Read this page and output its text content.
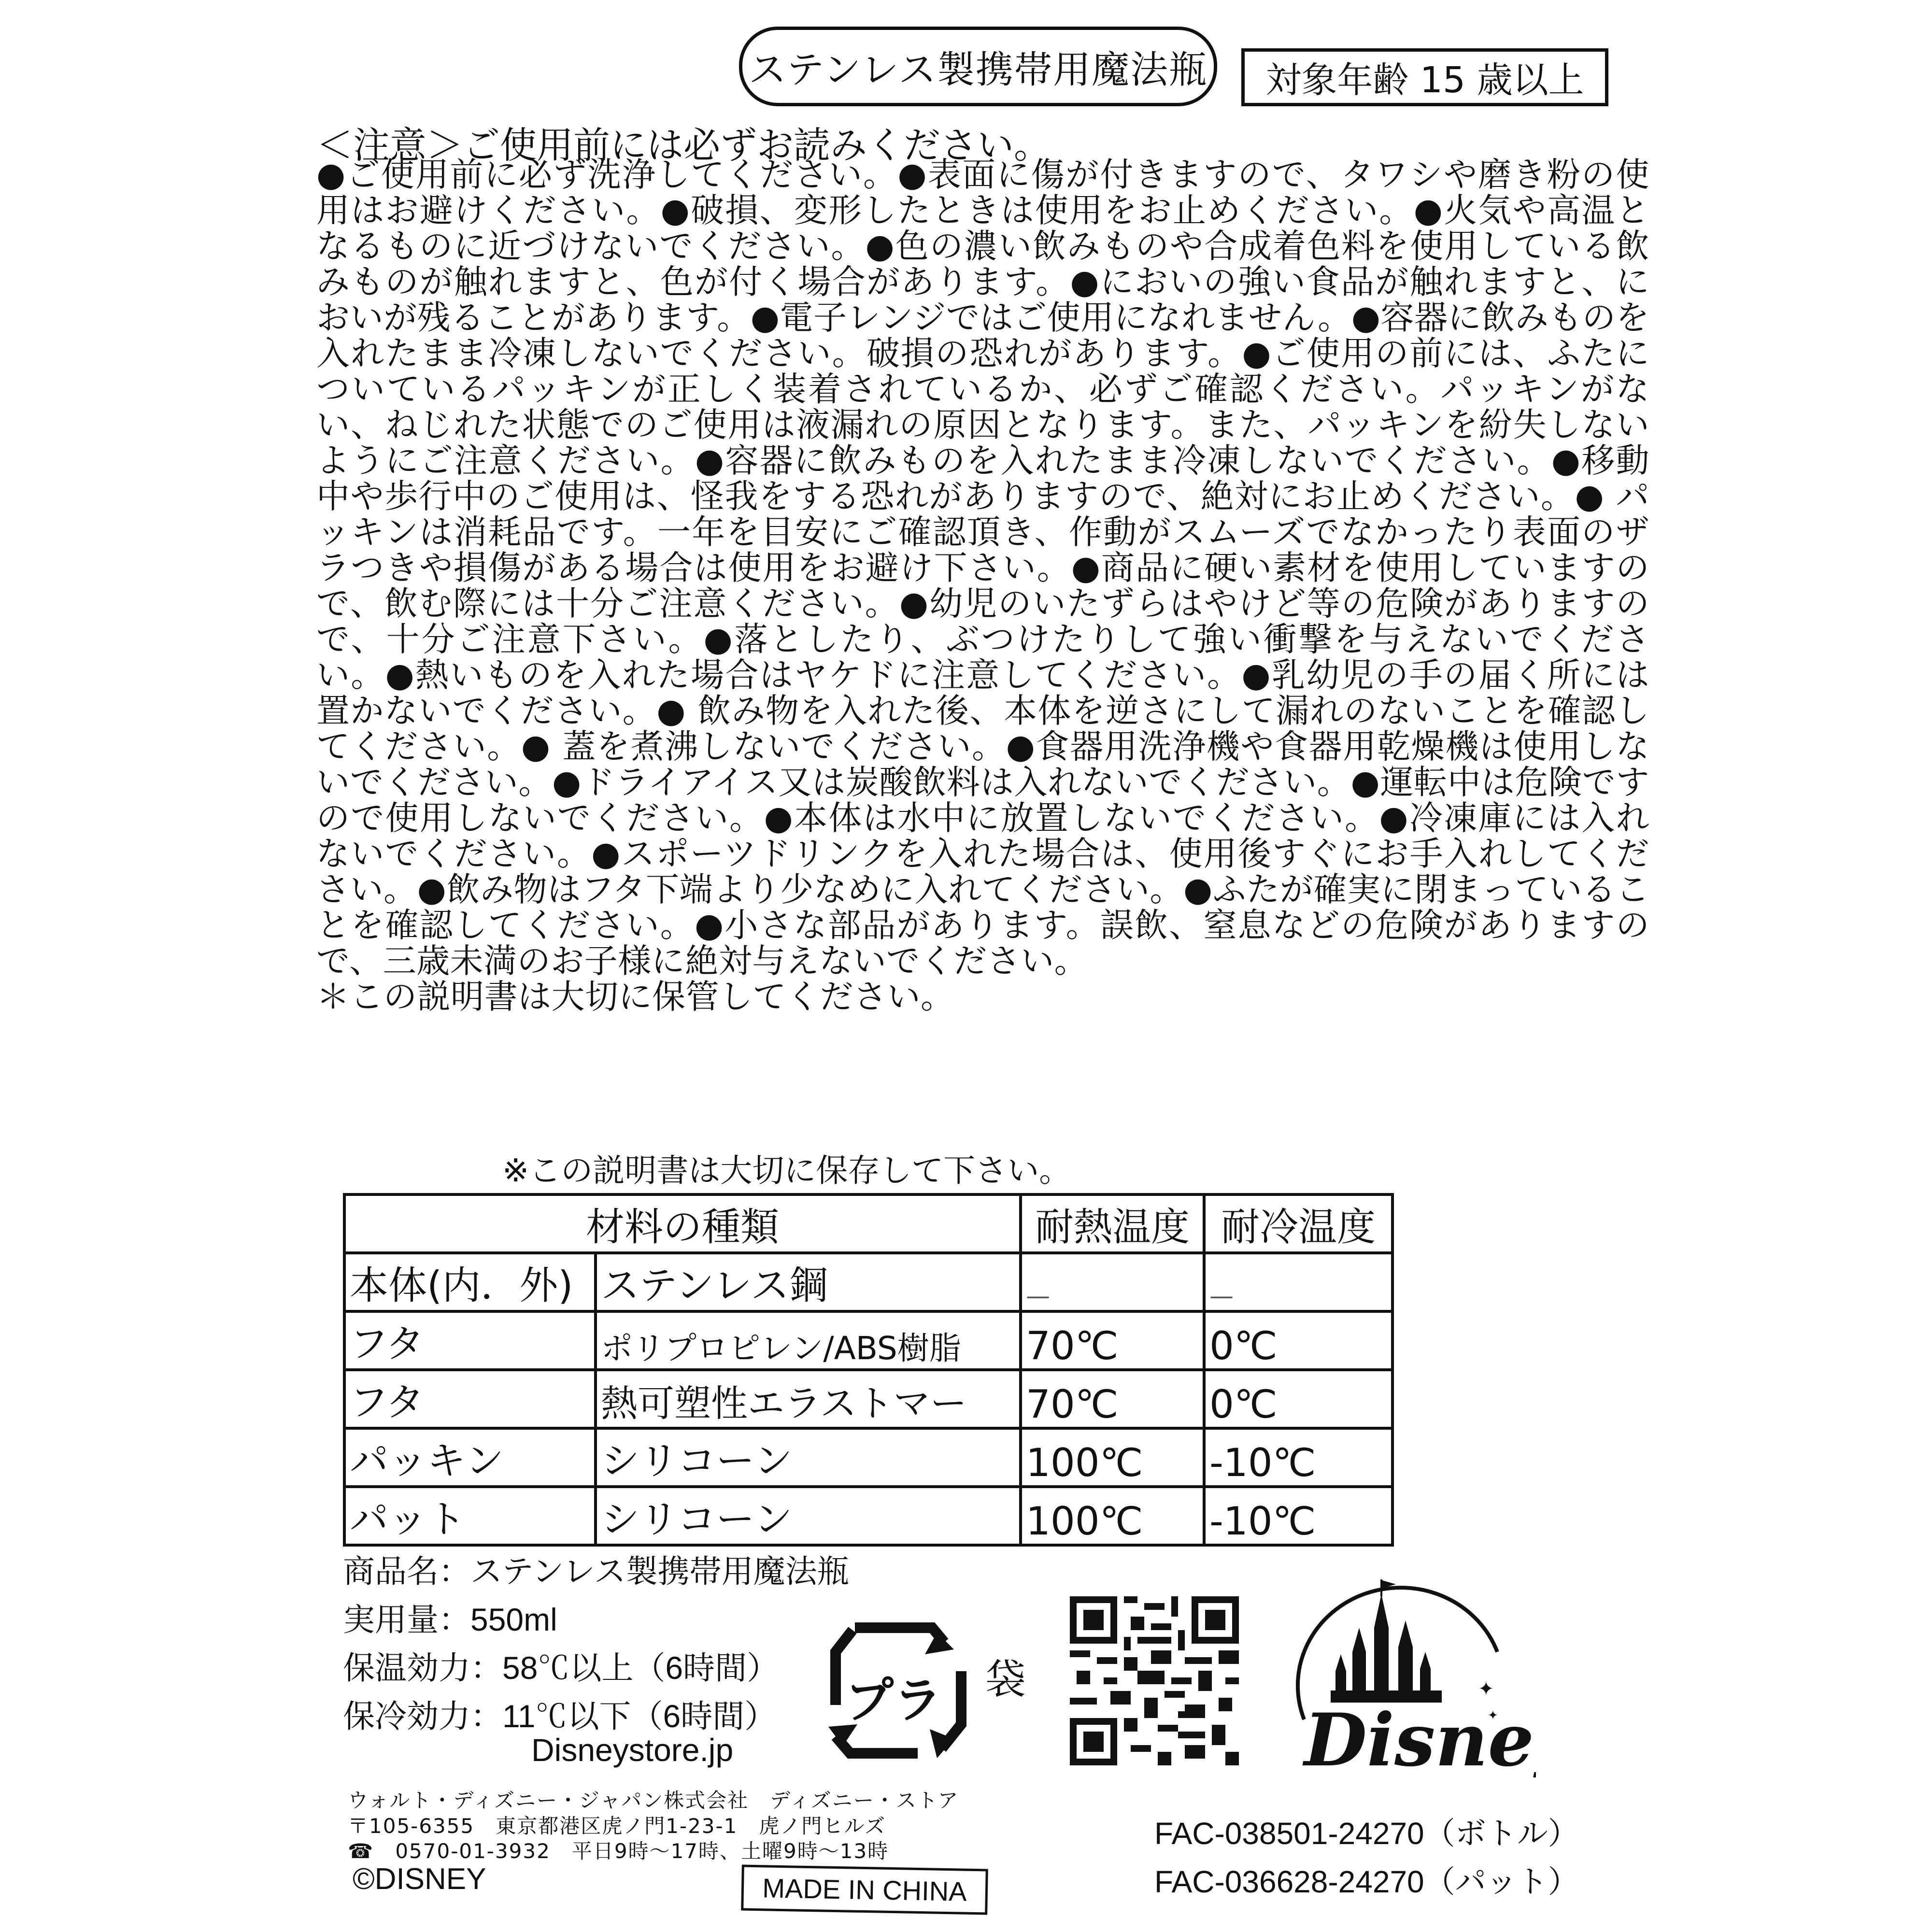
ステンレス製携帯用魔法瓶 対象年齢 15 歳以上
＜注意＞ご使用前には必ずお読みください。
●ご使用前に必ず洗浄してください。●表面に傷が付きますので、タワシや磨き粉の使用はお避けください。●破損、変形したときは使用をお止めください。●火気や高温となるものに近づけないでください。●色の濃い飲みものや合成着色料を使用している飲みものが触れますと、色が付く場合があります。●においの強い食品が触れますと、においが残ることがあります。●電子レンジではご使用になれません。●容器に飲みものを入れたまま冷凍しないでください。破損の恐れがあります。●ご使用の前には、ふたについているパッキンが正しく装着されているか、必ずご確認ください。パッキンがない、ねじれた状態でのご使用は液漏れの原因となります。また、パッキンを紛失しないようにご注意ください。●容器に飲みものを入れたまま冷凍しないでください。●移動中や歩行中のご使用は、怪我をする恐れがありますので、絶対にお止めください。● パッキンは消耗品です。一年を目安にご確認頂き、作動がスムーズでなかったり表面のザラつきや損傷がある場合は使用をお避け下さい。●商品に硬い素材を使用していますので、飲む際には十分ご注意ください。●幼児のいたずらはやけど等の危険がありますので、十分ご注意下さい。●落としたり、ぶつけたりして強い衝撃を与えないでください。●熱いものを入れた場合はヤケドに注意してください。●乳幼児の手の届く所には置かないでください。● 飲み物を入れた後、本体を逆さにして漏れのないことを確認してください。● 蓋を煮沸しないでください。●食器用洗浄機や食器用乾燥機は使用しないでください。●ドライアイス又は炭酸飲料は入れないでください。●運転中は危険ですので使用しないでください。●本体は水中に放置しないでください。●冷凍庫には入れないでください。●スポーツドリンクを入れた場合は、使用後すぐにお手入れしてください。●飲み物はフタ下端より少なめに入れてください。●ふたが確実に閉まっていることを確認してください。●小さな部品があります。誤飲、窒息などの危険がありますので、三歳未満のお子様に絶対与えないでください。
＊この説明書は大切に保管してください。
※この説明書は大切に保存して下さい。
材料の種類		耐熱温度	耐冷温度
本体(内．外)	ステンレス鋼	—	—
フタ	ポリプロピレン/ABS樹脂	70℃	0℃
フタ	熱可塑性エラストマー	70℃	0℃
パッキン	シリコーン	100℃	-10℃
パット	シリコーン	100℃	-10℃
商品名：ステンレス製携帯用魔法瓶
実用量：550ml
保温効力：58℃以上（6時間）
保冷効力：11℃以下（6時間）
Disneystore.jp
プラ 袋
Disne
✦
✦
ウォルト・ディズニー・ジャパン株式会社　ディズニー・ストア
〒105-6355　東京都港区虎ノ門1-23-1　虎ノ門ヒルズ
☎　0570-01-3932　平日9時～17時、土曜9時～13時
©DISNEY	MADE IN CHINA
FAC-038501-24270（ボトル）
FAC-036628-24270（パット）
